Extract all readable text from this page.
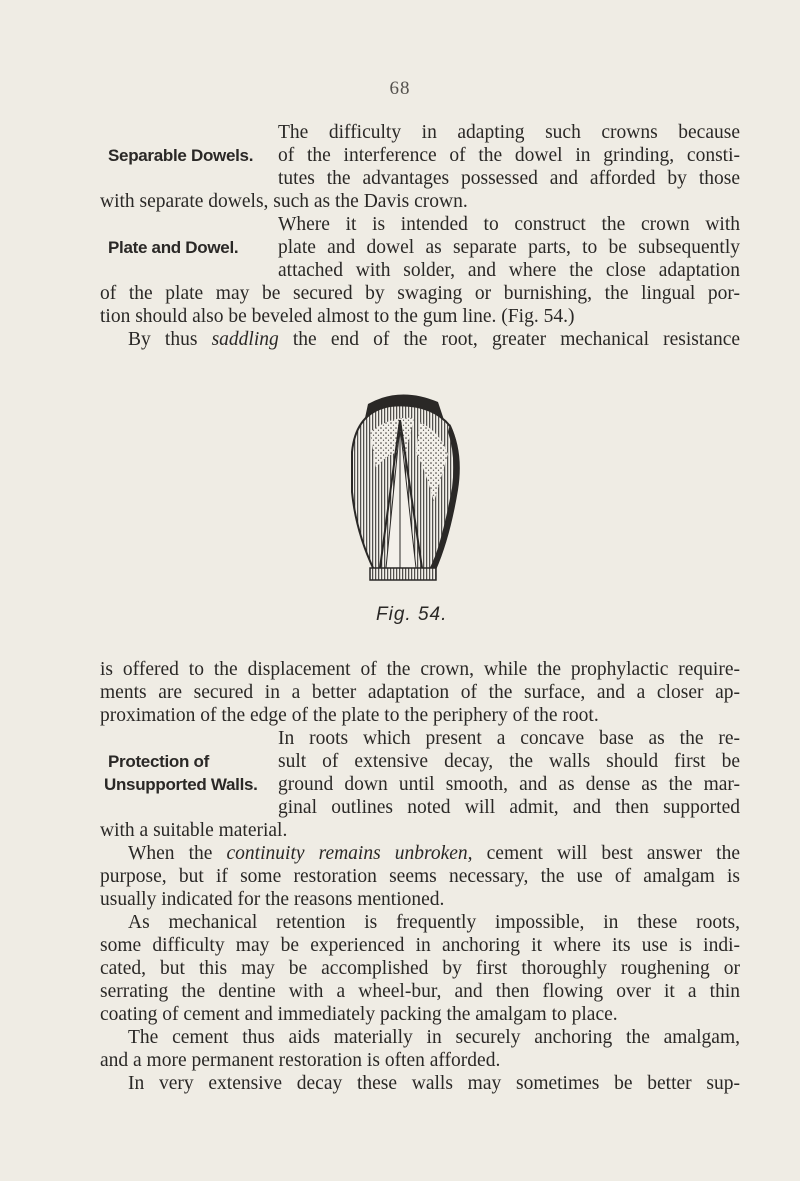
68
Separable Dowels.
The difficulty in adapting such crowns because
of the interference of the dowel in grinding, consti-
tutes the advantages possessed and afforded by those
with separate dowels, such as the Davis crown.
Plate and Dowel.
Where it is intended to construct the crown with
plate and dowel as separate parts, to be subsequently
attached with solder, and where the close adaptation
of the plate may be secured by swaging or burnishing, the lingual por-
tion should also be beveled almost to the gum line. (Fig. 54.)
By thus saddling the end of the root, greater mechanical resistance
Fig. 54.
is offered to the displacement of the crown, while the prophylactic require-
ments are secured in a better adaptation of the surface, and a closer ap-
proximation of the edge of the plate to the periphery of the root.
Protection of
Unsupported Walls.
In roots which present a concave base as the re-
sult of extensive decay, the walls should first be
ground down until smooth, and as dense as the mar-
ginal outlines noted will admit, and then supported
with a suitable material.
When the continuity remains unbroken, cement will best answer the
purpose, but if some restoration seems necessary, the use of amalgam is
usually indicated for the reasons mentioned.
As mechanical retention is frequently impossible, in these roots,
some difficulty may be experienced in anchoring it where its use is indi-
cated, but this may be accomplished by first thoroughly roughening or
serrating the dentine with a wheel-bur, and then flowing over it a thin
coating of cement and immediately packing the amalgam to place.
The cement thus aids materially in securely anchoring the amalgam,
and a more permanent restoration is often afforded.
In very extensive decay these walls may sometimes be better sup-
